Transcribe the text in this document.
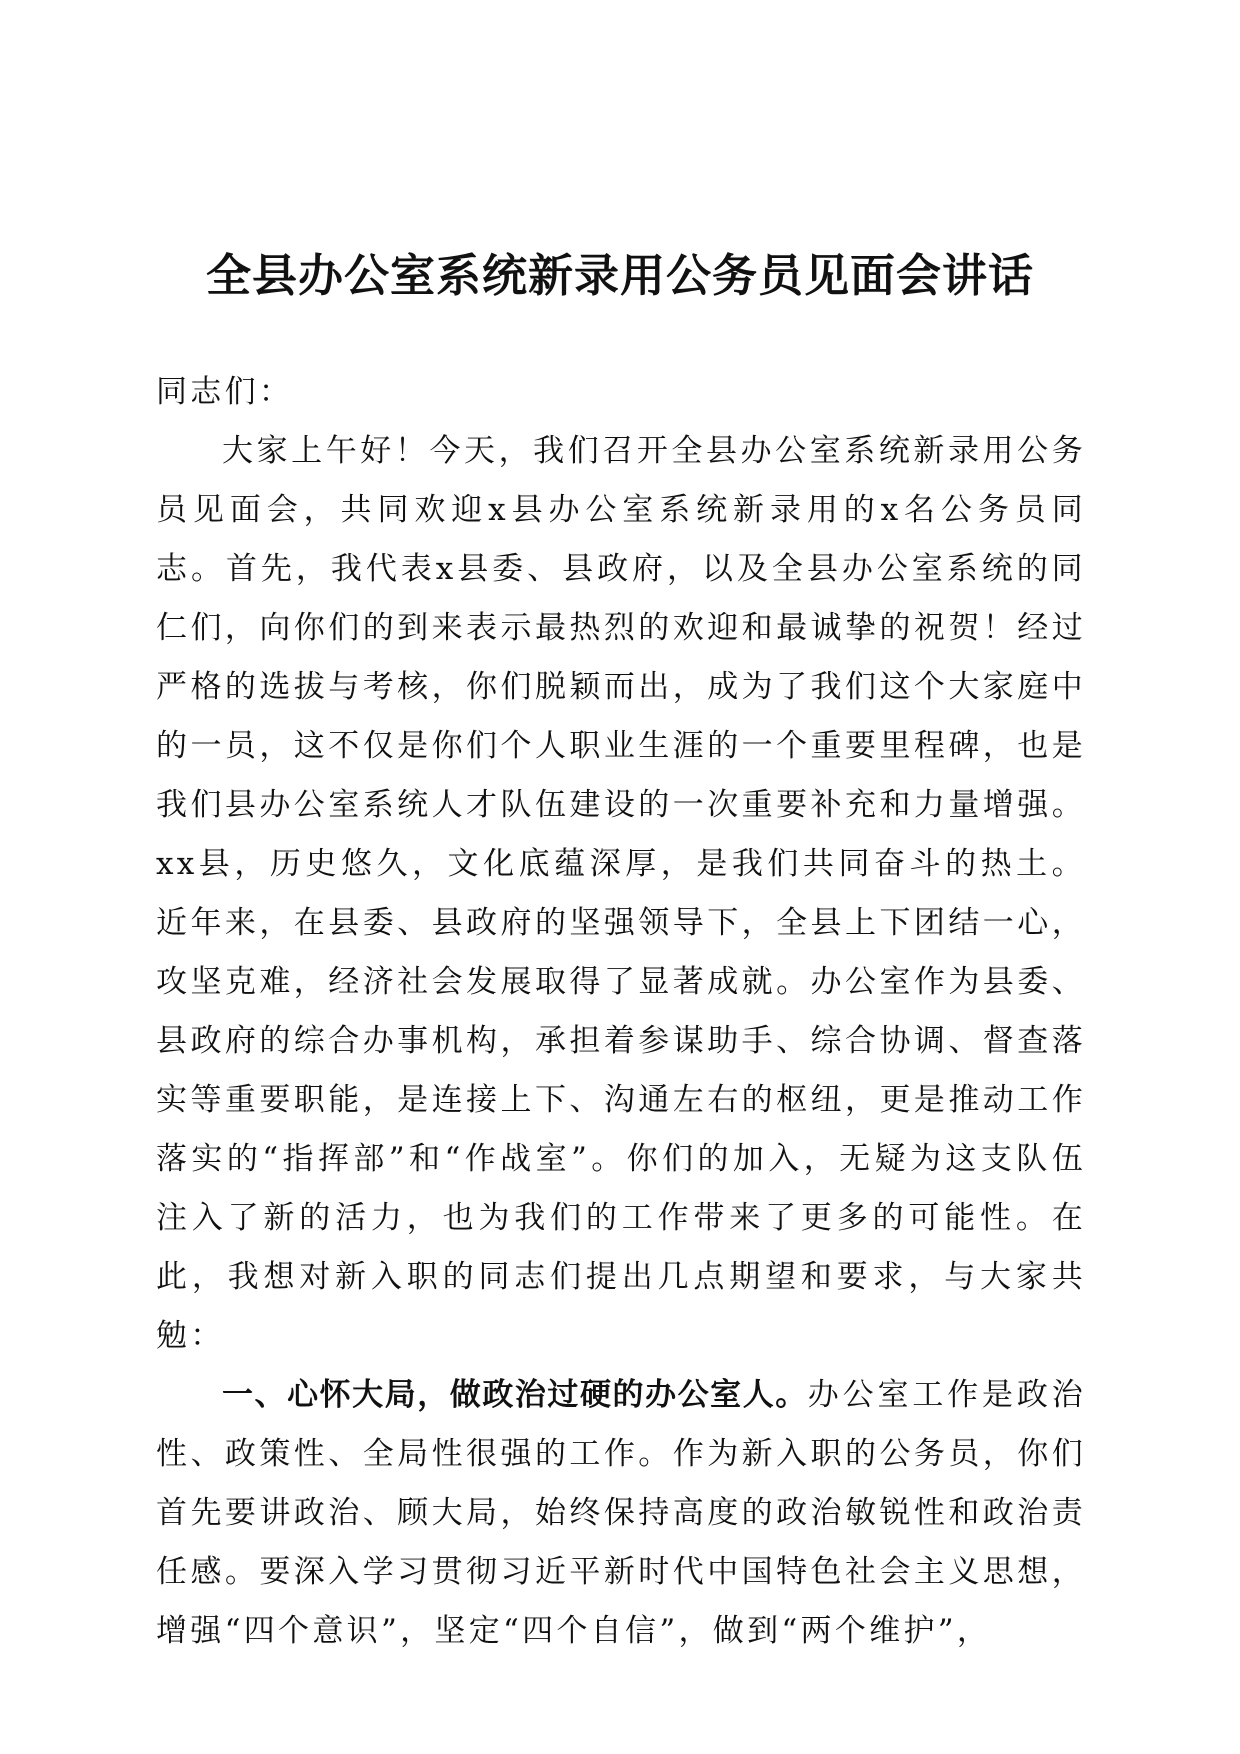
全县办公室系统新录用公务员见面会讲话

同志们：

大家上午好！今天，我们召开全县办公室系统新录用公务员见面会，共同欢迎x县办公室系统新录用的x名公务员同志。首先，我代表x县委、县政府，以及全县办公室系统的同仁们，向你们的到来表示最热烈的欢迎和最诚挚的祝贺！经过严格的选拔与考核，你们脱颖而出，成为了我们这个大家庭中的一员，这不仅是你们个人职业生涯的一个重要里程碑，也是我们县办公室系统人才队伍建设的一次重要补充和力量增强。xx县，历史悠久，文化底蕴深厚，是我们共同奋斗的热土。近年来，在县委、县政府的坚强领导下，全县上下团结一心，攻坚克难，经济社会发展取得了显著成就。办公室作为县委、县政府的综合办事机构，承担着参谋助手、综合协调、督查落实等重要职能，是连接上下、沟通左右的枢纽，更是推动工作落实的“指挥部”和“作战室”。你们的加入，无疑为这支队伍注入了新的活力，也为我们的工作带来了更多的可能性。在此，我想对新入职的同志们提出几点期望和要求，与大家共勉：

一、心怀大局，做政治过硬的办公室人。办公室工作是政治性、政策性、全局性很强的工作。作为新入职的公务员，你们首先要讲政治、顾大局，始终保持高度的政治敏锐性和政治责任感。要深入学习贯彻习近平新时代中国特色社会主义思想，增强“四个意识”，坚定“四个自信”，做到“两个维护”，
